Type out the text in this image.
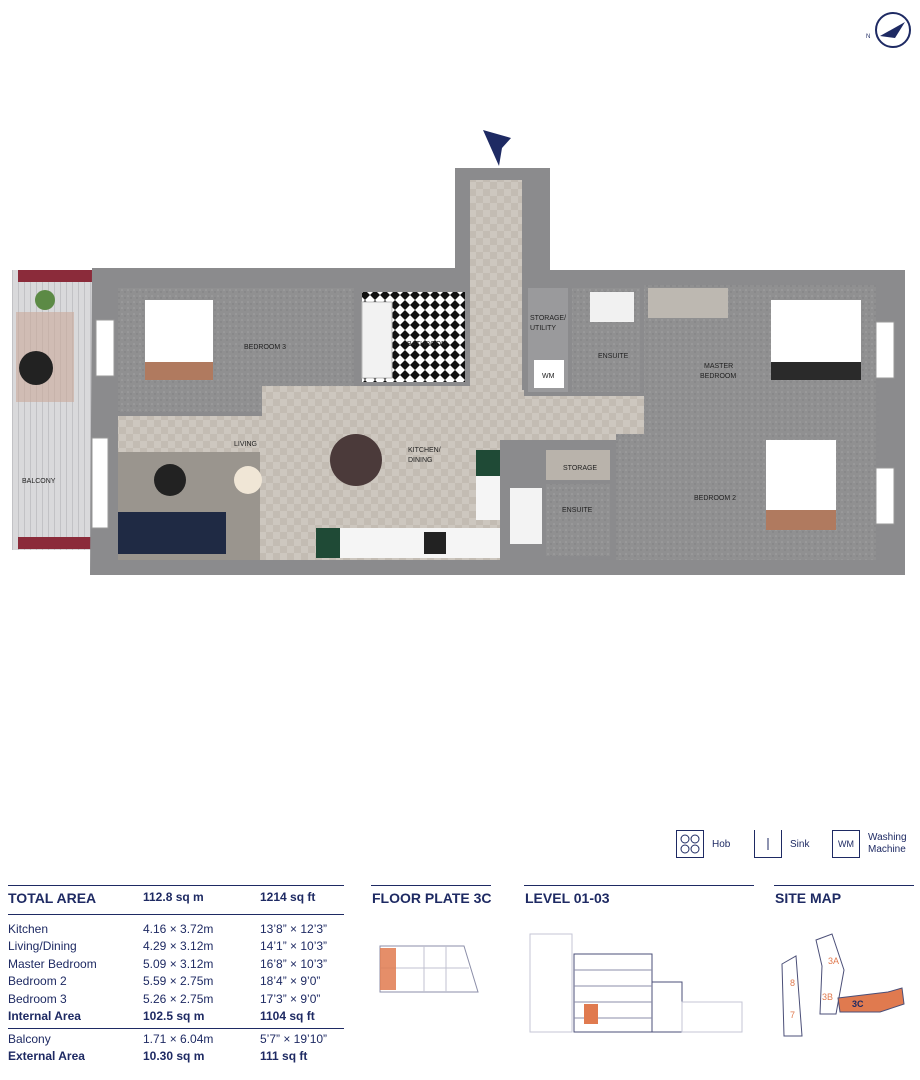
N
BEDROOM 3	BATHROOM
STORAGE/
UTILITY
WM
ENSUITE
MASTER
BEDROOM
LIVING
KITCHEN/
DINING
STORAGE
ENSUITE
BEDROOM 2
BALCONY
Hob	Sink	WM
Washing
Machine
TOTAL AREA	112.8 sq m	1214 sq ft
Kitchen	4.16 × 3.72m	13’8” × 12’3”
Living/Dining	4.29 × 3.12m	14’1” × 10’3”
Master Bedroom	5.09 × 3.12m	16’8” × 10’3”
Bedroom 2	5.59 × 2.75m	18’4” × 9’0”
Bedroom 3	5.26 × 2.75m	17’3” × 9’0”
Internal Area	102.5 sq m	1104 sq ft
Balcony	1.71 × 6.04m	5’7” × 19’10”
External Area	10.30 sq m	111 sq ft
FLOOR PLATE 3C LEVEL 01-03	SITE MAP
8
7
3A
3B
3C 3D
